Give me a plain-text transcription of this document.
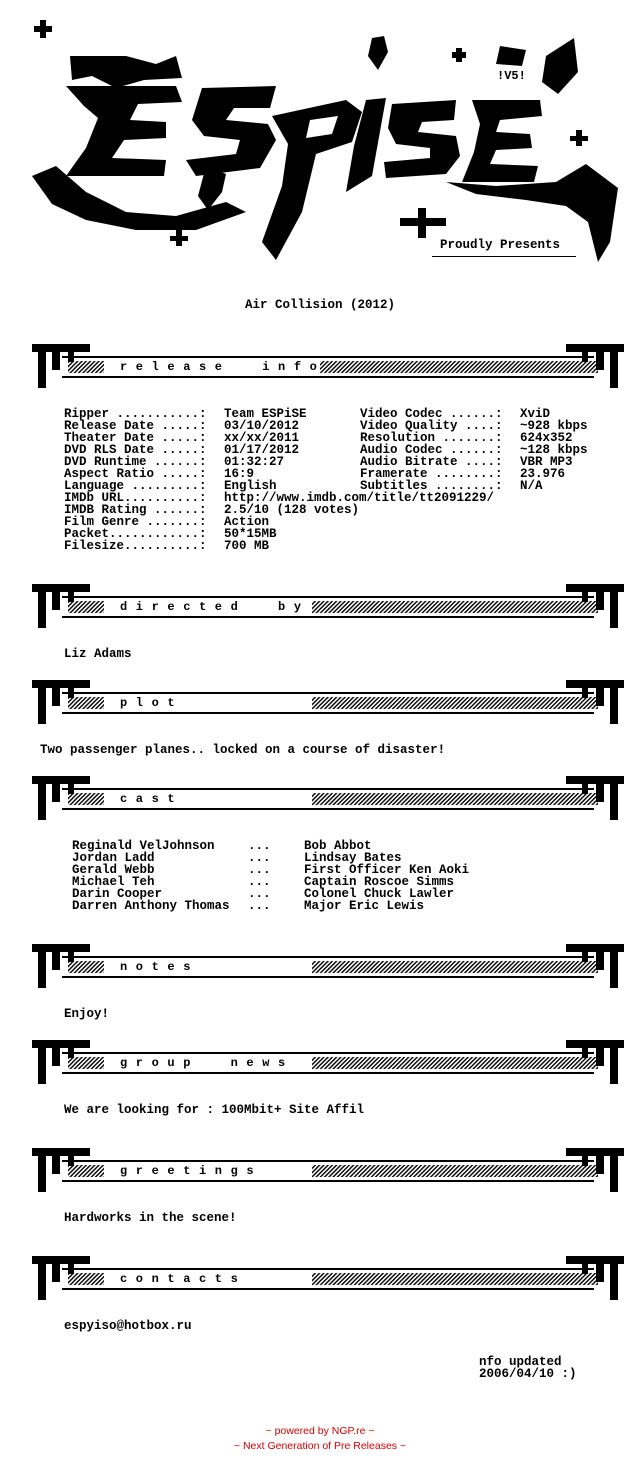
!V5!
Proudly Presents
Air Collision (2012)
release  info
Ripper ...........: Team ESPiSE
Release Date .....: 03/10/2012
Theater Date .....: xx/xx/2011
DVD RLS Date .....: 01/17/2012
DVD Runtime ......: 01:32:27
Aspect Ratio .....: 16:9
Language .........: English
IMDb URL..........: http://www.imdb.com/title/tt2091229/
IMDB Rating ......: 2.5/10 (128 votes)
Film Genre .......: Action
Packet............: 50*15MB
Filesize..........: 700 MB
Video Codec ......: XviD
Video Quality ....: ~928 kbps
Resolution .......: 624x352
Audio Codec ......: ~128 kbps
Audio Bitrate ....: VBR MP3
Framerate ........: 23.976
Subtitles ........: N/A
directed  by
Liz Adams
plot
Two passenger planes.. locked on a course of disaster!
cast
Reginald VelJohnson	...	Bob Abbot
Jordan Ladd	...	Lindsay Bates
Gerald Webb	...	First Officer Ken Aoki
Michael Teh	...	Captain Roscoe Simms
Darin Cooper	...	Colonel Chuck Lawler
Darren Anthony Thomas ...	Major Eric Lewis
notes
Enjoy!
group  news
We are looking for : 100Mbit+ Site Affil
greetings
Hardworks in the scene!
contacts
espyiso@hotbox.ru
nfo updated
2006/04/10 :)
~ powered by NGP.re ~
~ Next Generation of Pre Releases ~
